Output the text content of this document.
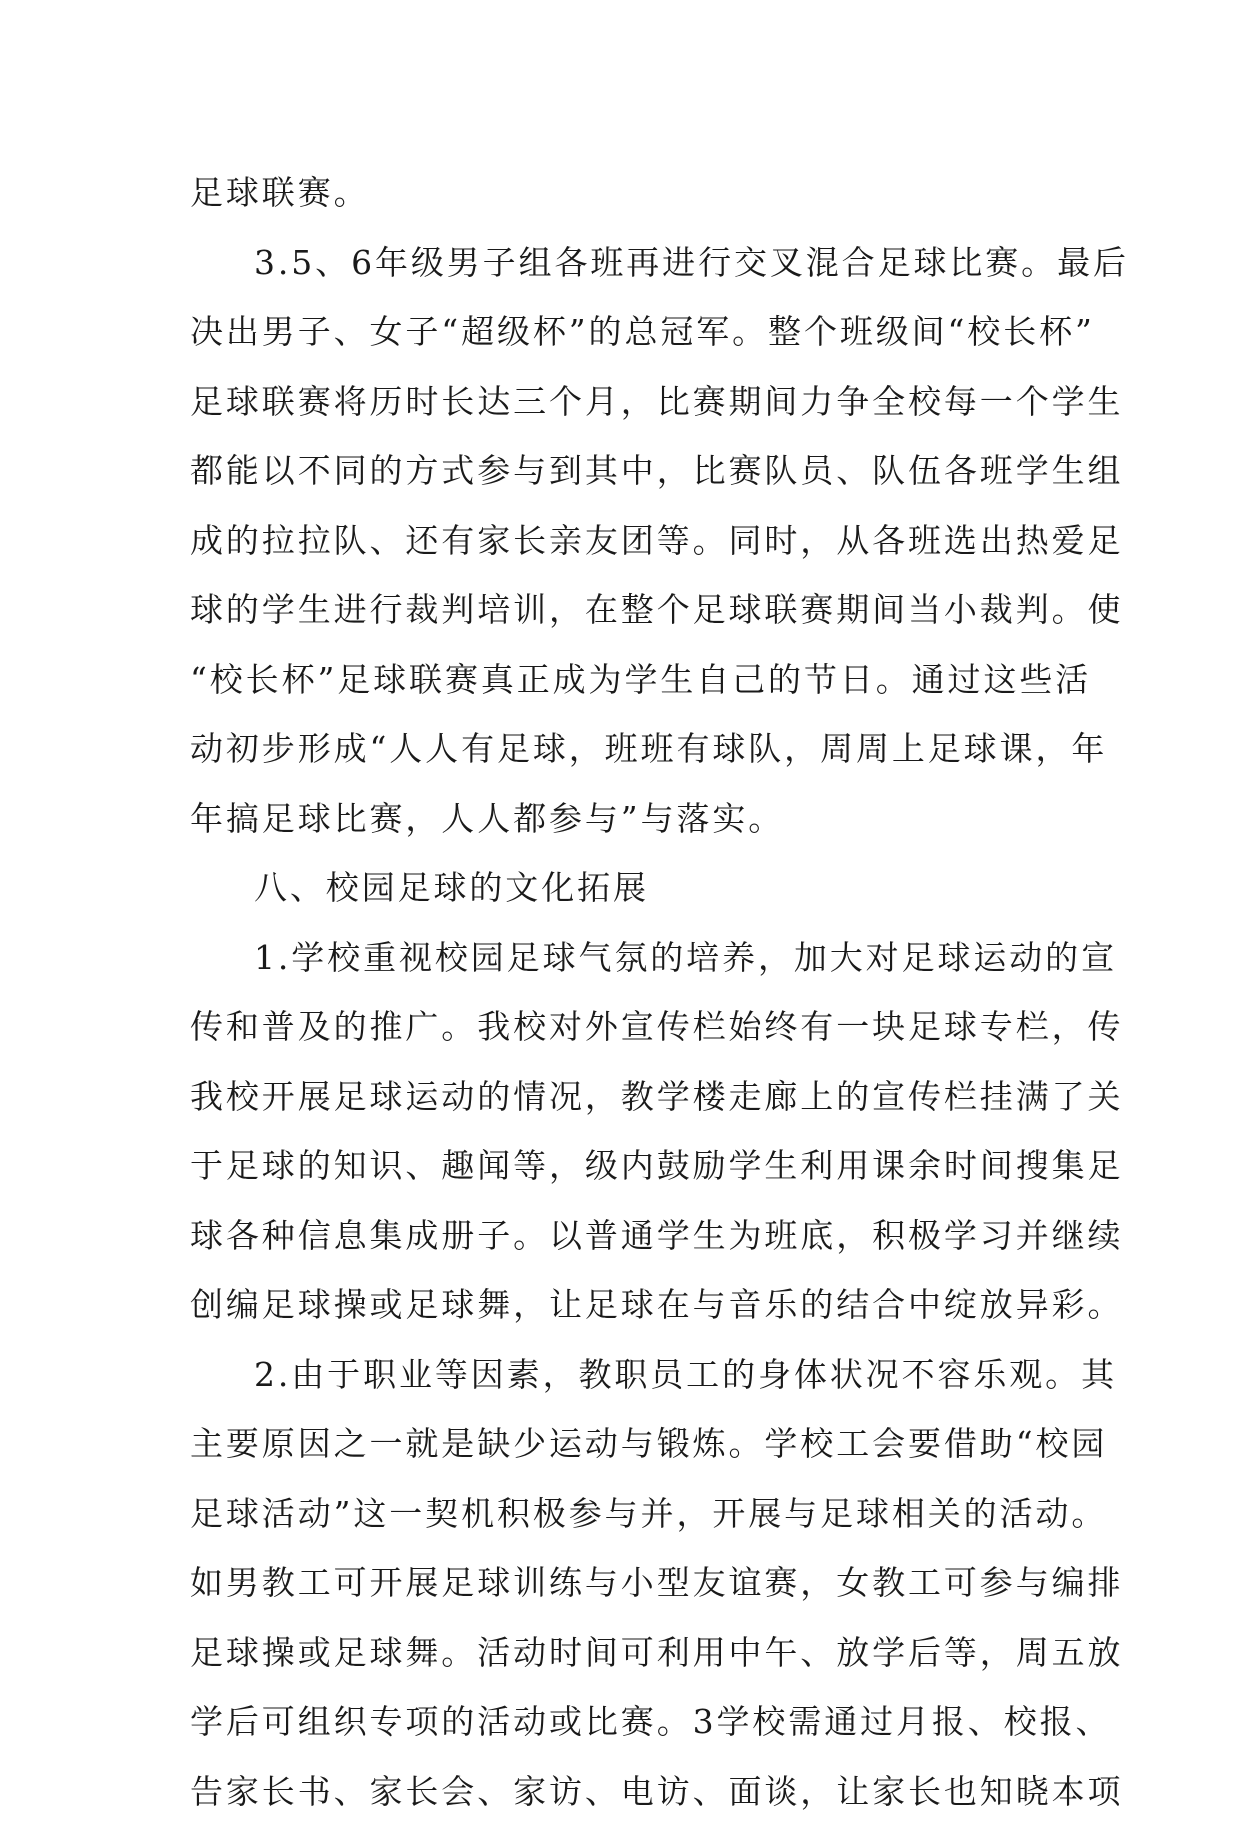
足球联赛。
3.5、6年级男子组各班再进行交叉混合足球比赛。最后
决出男子、女子“超级杯”的总冠军。整个班级间“校长杯”
足球联赛将历时长达三个月，比赛期间力争全校每一个学生
都能以不同的方式参与到其中，比赛队员、队伍各班学生组
成的拉拉队、还有家长亲友团等。同时，从各班选出热爱足
球的学生进行裁判培训，在整个足球联赛期间当小裁判。使
“校长杯”足球联赛真正成为学生自己的节日。通过这些活
动初步形成“人人有足球，班班有球队，周周上足球课，年
年搞足球比赛，人人都参与”与落实。
八、校园足球的文化拓展
1.学校重视校园足球气氛的培养，加大对足球运动的宣
传和普及的推广。我校对外宣传栏始终有一块足球专栏，传
我校开展足球运动的情况，教学楼走廊上的宣传栏挂满了关
于足球的知识、趣闻等，级内鼓励学生利用课余时间搜集足
球各种信息集成册子。以普通学生为班底，积极学习并继续
创编足球操或足球舞，让足球在与音乐的结合中绽放异彩。
2.由于职业等因素，教职员工的身体状况不容乐观。其
主要原因之一就是缺少运动与锻炼。学校工会要借助“校园
足球活动”这一契机积极参与并，开展与足球相关的活动。
如男教工可开展足球训练与小型友谊赛，女教工可参与编排
足球操或足球舞。活动时间可利用中午、放学后等，周五放
学后可组织专项的活动或比赛。3学校需通过月报、校报、
告家长书、家长会、家访、电访、面谈，让家长也知晓本项
